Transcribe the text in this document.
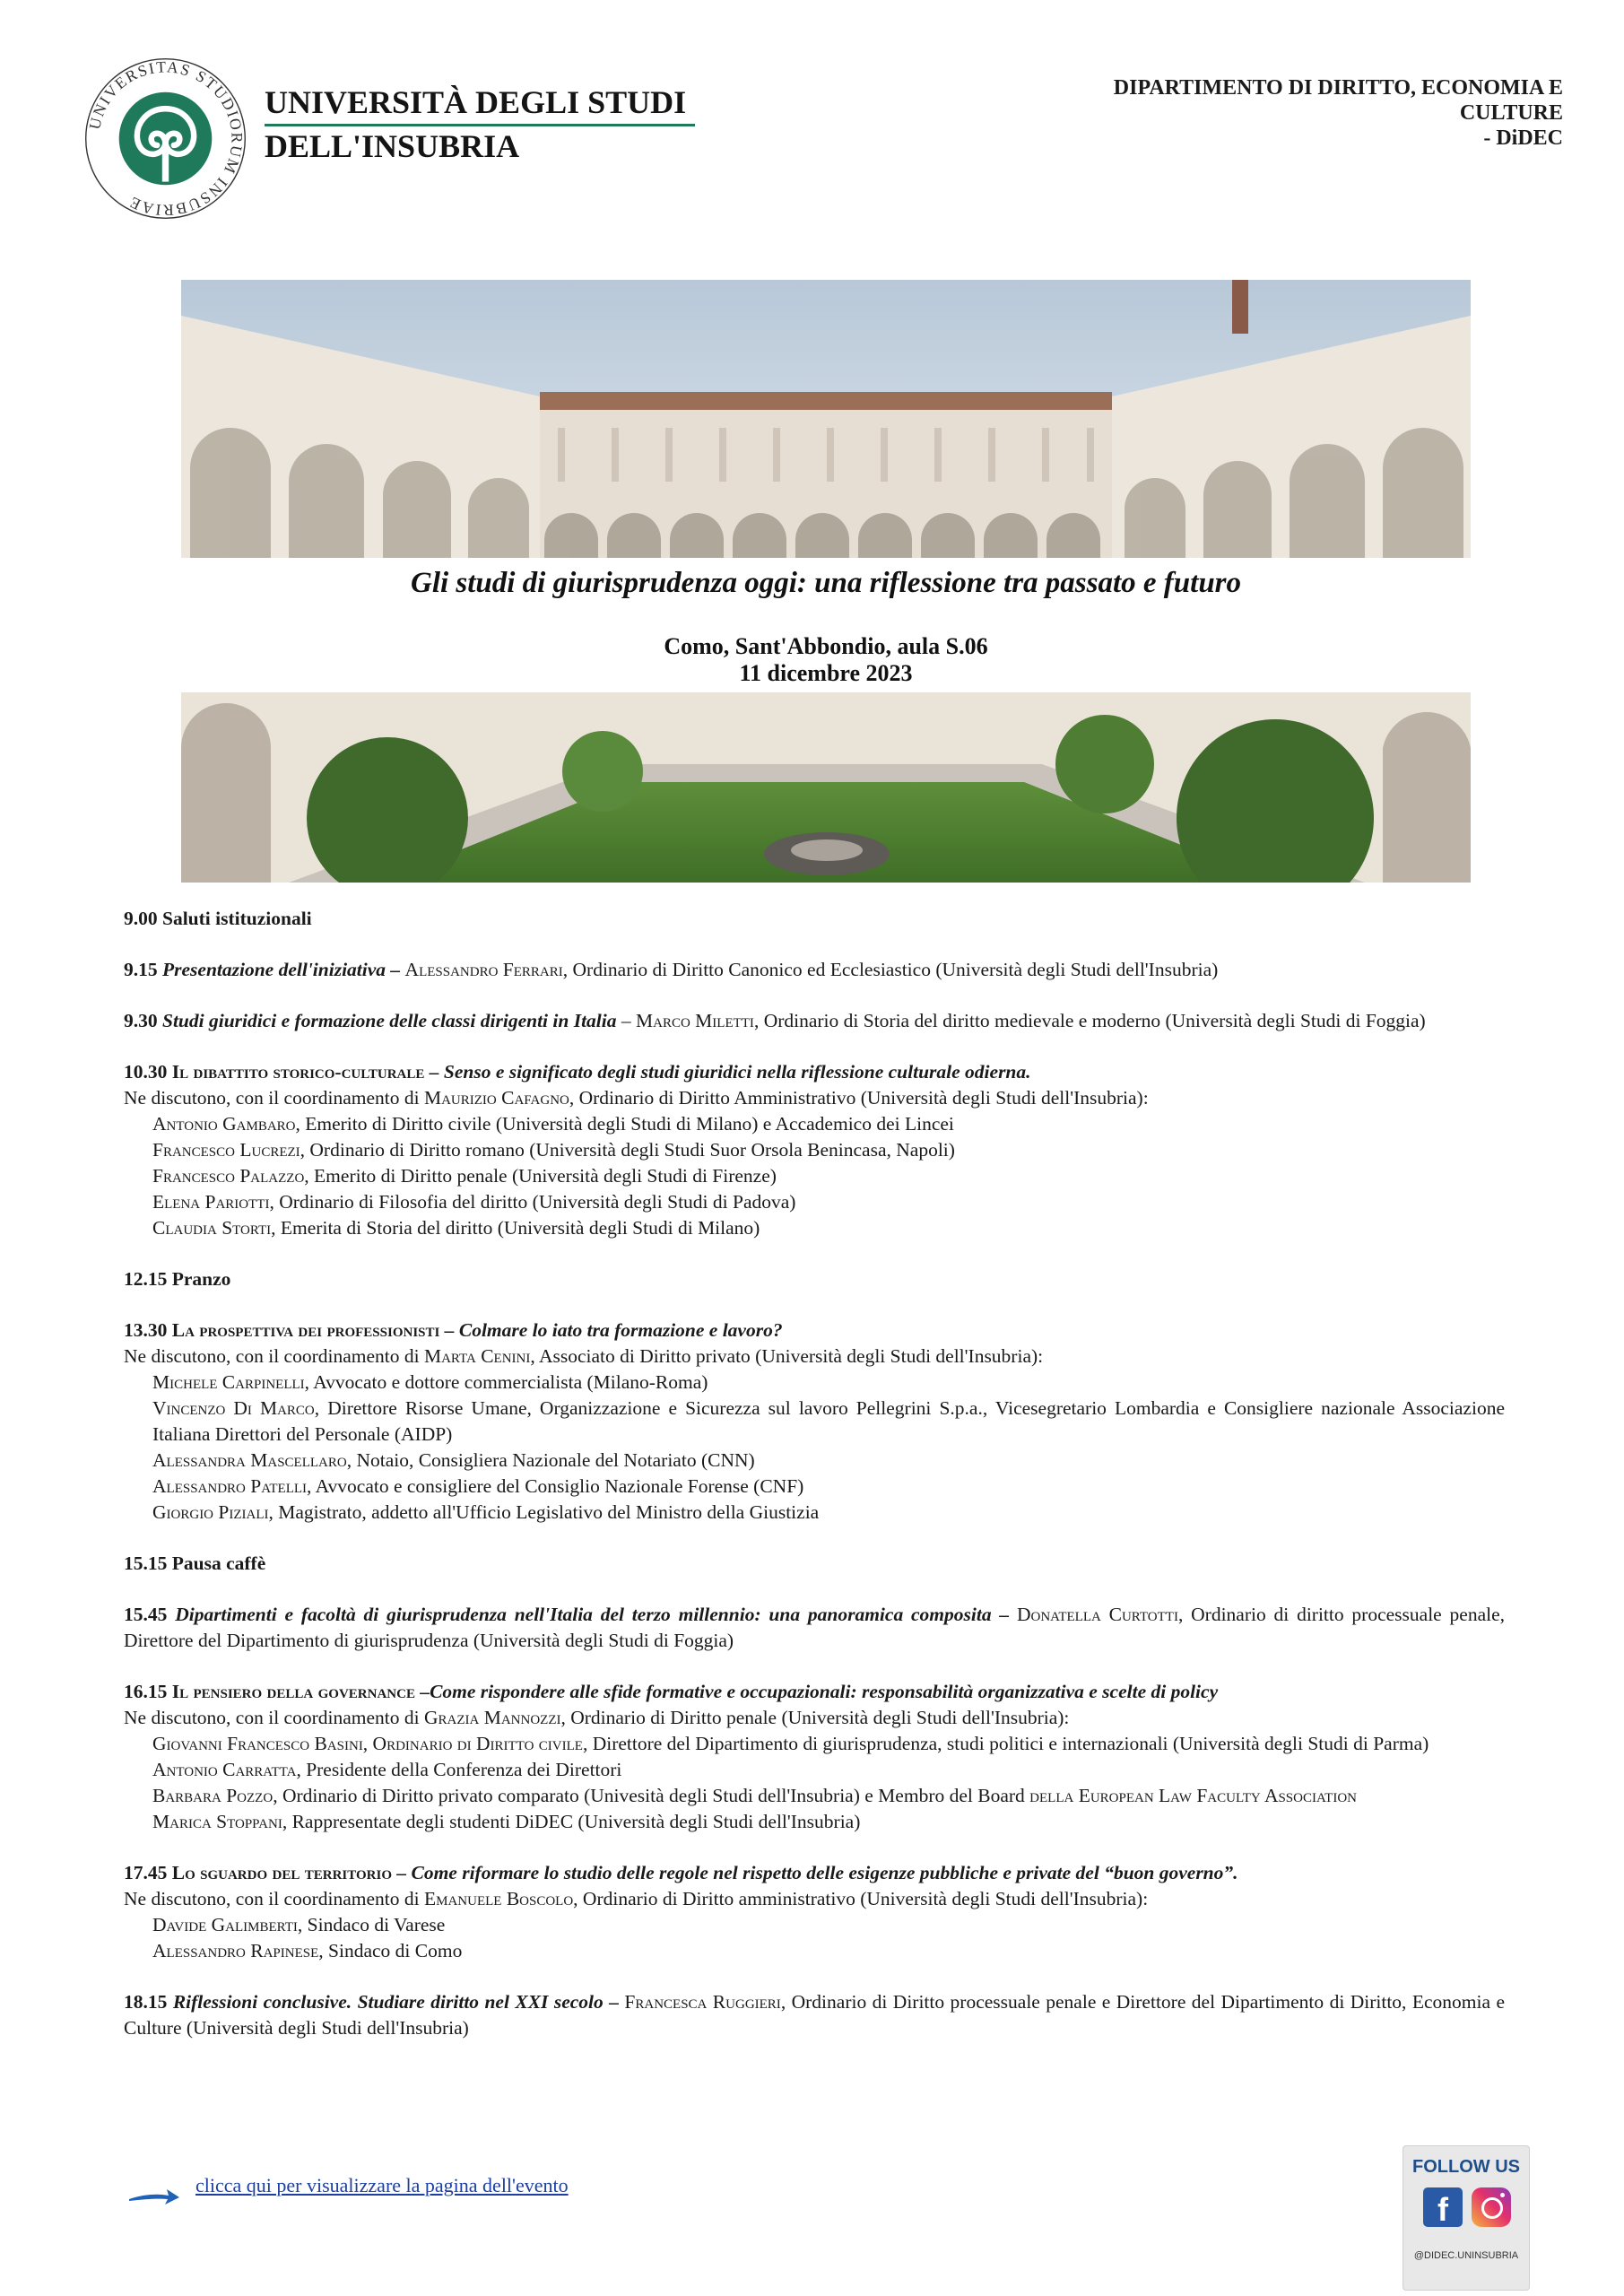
UNIVERSITAS STUDIORUM INSUBRIAE
UNIVERSITÀ DEGLI STUDI
DELL'INSUBRIA
DIPARTIMENTO DI DIRITTO, ECONOMIA E
CULTURE
- DiDEC
Gli studi di giurisprudenza oggi: una riflessione tra passato e futuro
Como, Sant'Abbondio, aula S.06
11 dicembre 2023
9.00 Saluti istituzionali
9.15 Presentazione dell'iniziativa – Alessandro Ferrari, Ordinario di Diritto Canonico ed Ecclesiastico (Università degli Studi dell'Insubria)
9.30 Studi giuridici e formazione delle classi dirigenti in Italia – Marco Miletti, Ordinario di Storia del diritto medievale e moderno (Università degli Studi di Foggia)
10.30 Il dibattito storico-culturale – Senso e significato degli studi giuridici nella riflessione culturale odierna.
Ne discutono, con il coordinamento di Maurizio Cafagno, Ordinario di Diritto Amministrativo (Università degli Studi dell'Insubria):
Antonio Gambaro, Emerito di Diritto civile (Università degli Studi di Milano) e Accademico dei Lincei
Francesco Lucrezi, Ordinario di Diritto romano (Università degli Studi Suor Orsola Benincasa, Napoli)
Francesco Palazzo, Emerito di Diritto penale (Università degli Studi di Firenze)
Elena Pariotti, Ordinario di Filosofia del diritto (Università degli Studi di Padova)
Claudia Storti, Emerita di Storia del diritto (Università degli Studi di Milano)
12.15 Pranzo
13.30 La prospettiva dei professionisti – Colmare lo iato tra formazione e lavoro?
Ne discutono, con il coordinamento di Marta Cenini, Associato di Diritto privato (Università degli Studi dell'Insubria):
Michele Carpinelli, Avvocato e dottore commercialista (Milano-Roma)
Vincenzo Di Marco, Direttore Risorse Umane, Organizzazione e Sicurezza sul lavoro Pellegrini S.p.a., Vicesegretario Lombardia e Consigliere nazionale Associazione Italiana Direttori del Personale (AIDP)
Alessandra Mascellaro, Notaio, Consigliera Nazionale del Notariato (CNN)
Alessandro Patelli, Avvocato e consigliere del Consiglio Nazionale Forense (CNF)
Giorgio Piziali, Magistrato, addetto all'Ufficio Legislativo del Ministro della Giustizia
15.15 Pausa caffè
15.45 Dipartimenti e facoltà di giurisprudenza nell'Italia del terzo millennio: una panoramica composita – Donatella Curtotti, Ordinario di diritto processuale penale, Direttore del Dipartimento di giurisprudenza (Università degli Studi di Foggia)
16.15 Il pensiero della governance –Come rispondere alle sfide formative e occupazionali: responsabilità organizzativa e scelte di policy
Ne discutono, con il coordinamento di Grazia Mannozzi, Ordinario di Diritto penale (Università degli Studi dell'Insubria):
Giovanni Francesco Basini, Ordinario di Diritto civile, Direttore del Dipartimento di giurisprudenza, studi politici e internazionali (Università degli Studi di Parma)
Antonio Carratta, Presidente della Conferenza dei Direttori
Barbara Pozzo, Ordinario di Diritto privato comparato (Univesità degli Studi dell'Insubria) e Membro del Board della European Law Faculty Association
Marica Stoppani, Rappresentate degli studenti DiDEC (Università degli Studi dell'Insubria)
17.45 Lo sguardo del territorio – Come riformare lo studio delle regole nel rispetto delle esigenze pubbliche e private del “buon governo”.
Ne discutono, con il coordinamento di Emanuele Boscolo, Ordinario di Diritto amministrativo (Università degli Studi dell'Insubria):
Davide Galimberti, Sindaco di Varese
Alessandro Rapinese, Sindaco di Como
18.15 Riflessioni conclusive. Studiare diritto nel XXI secolo – Francesca Ruggieri, Ordinario di Diritto processuale penale e Direttore del Dipartimento di Diritto, Economia e Culture (Università degli Studi dell'Insubria)
clicca qui per visualizzare la pagina dell'evento
FOLLOW US
f
@DIDEC.UNINSUBRIA
